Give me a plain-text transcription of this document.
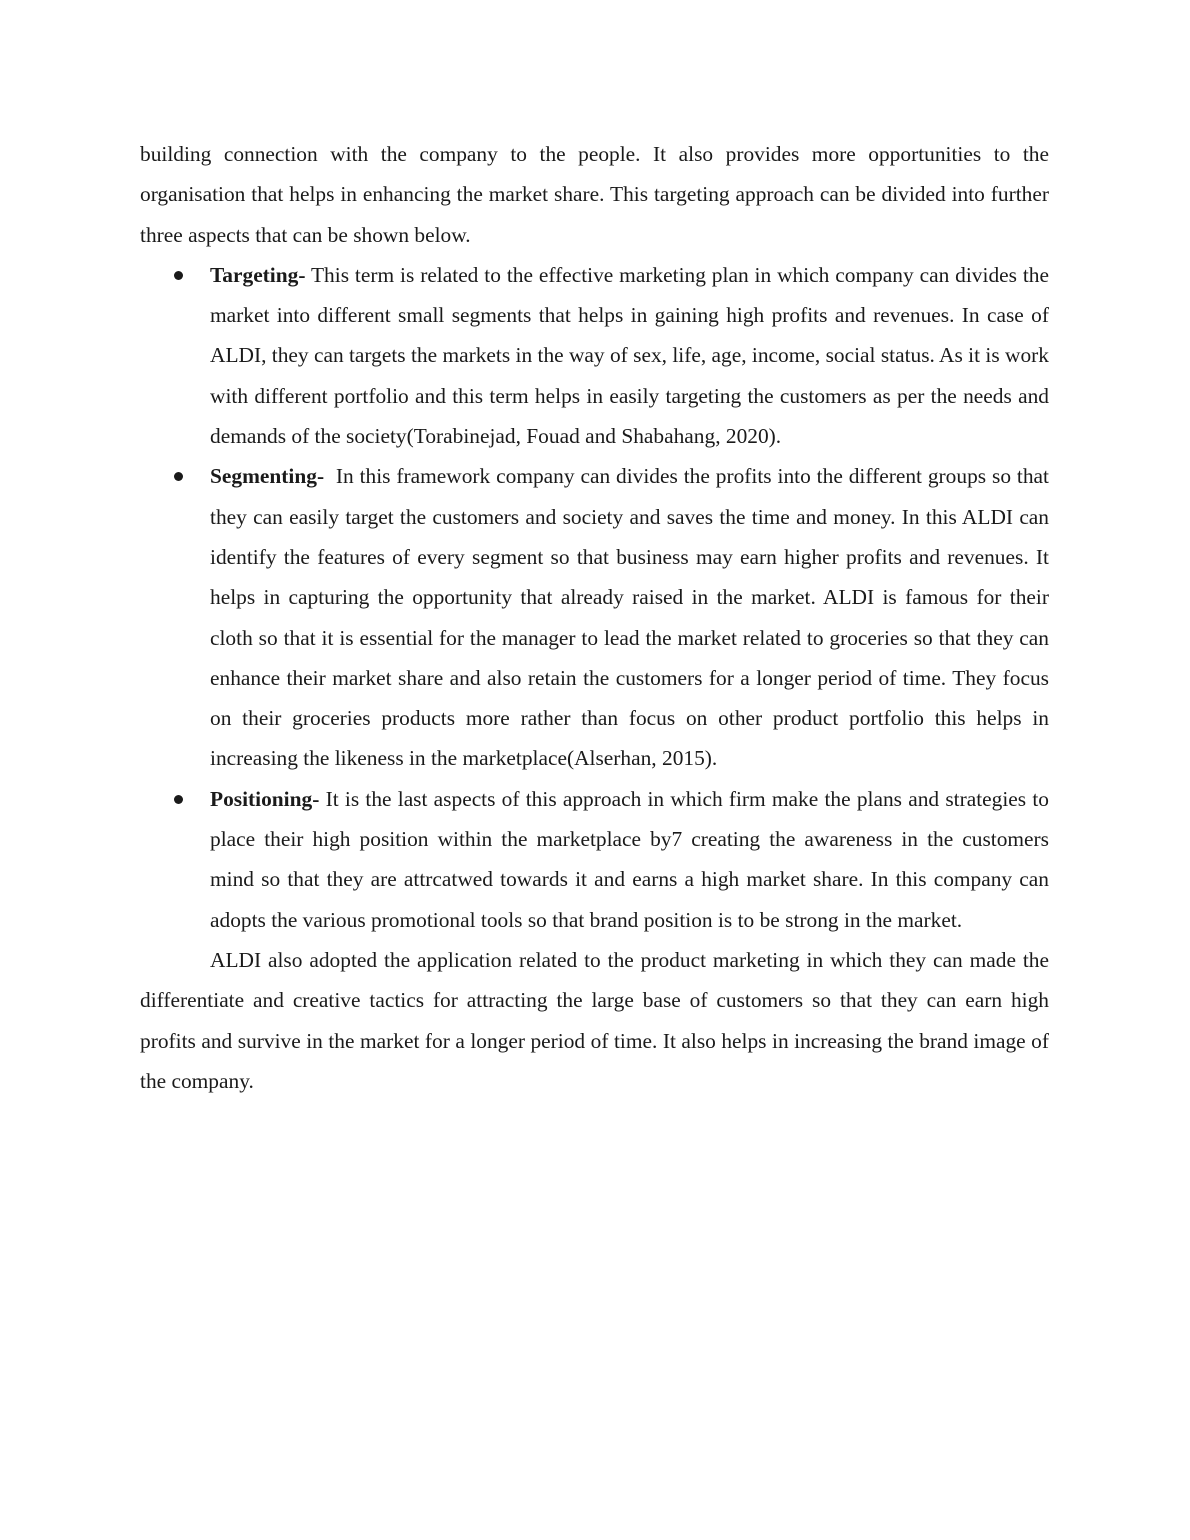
building connection with the company to the people. It also provides more opportunities to the organisation that helps in enhancing the market share. This targeting approach can be divided into further three aspects that can be shown below.

Targeting- This term is related to the effective marketing plan in which company can divides the market into different small segments that helps in gaining high profits and revenues. In case of ALDI, they can targets the markets in the way of sex, life, age, income, social status. As it is work with different portfolio and this term helps in easily targeting the customers as per the needs and demands of the society(Torabinejad, Fouad and Shabahang, 2020).
Segmenting-  In this framework company can divides the profits into the different groups so that they can easily target the customers and society and saves the time and money. In this ALDI can identify the features of every segment so that business may earn higher profits and revenues. It helps in capturing the opportunity that already raised in the market. ALDI is famous for their cloth so that it is essential for the manager to lead the market related to groceries so that they can enhance their market share and also retain the customers for a longer period of time. They focus on their groceries products more rather than focus on other product portfolio this helps in increasing the likeness in the marketplace(Alserhan, 2015).
Positioning- It is the last aspects of this approach in which firm make the plans and strategies to place their high position within the marketplace by7 creating the awareness in the customers mind so that they are attrcatwed towards it and earns a high market share. In this company can adopts the various promotional tools so that brand position is to be strong in the market.

ALDI also adopted the application related to the product marketing in which they can made the differentiate and creative tactics for attracting the large base of customers so that they can earn high profits and survive in the market for a longer period of time. It also helps in increasing the brand image of the company.
